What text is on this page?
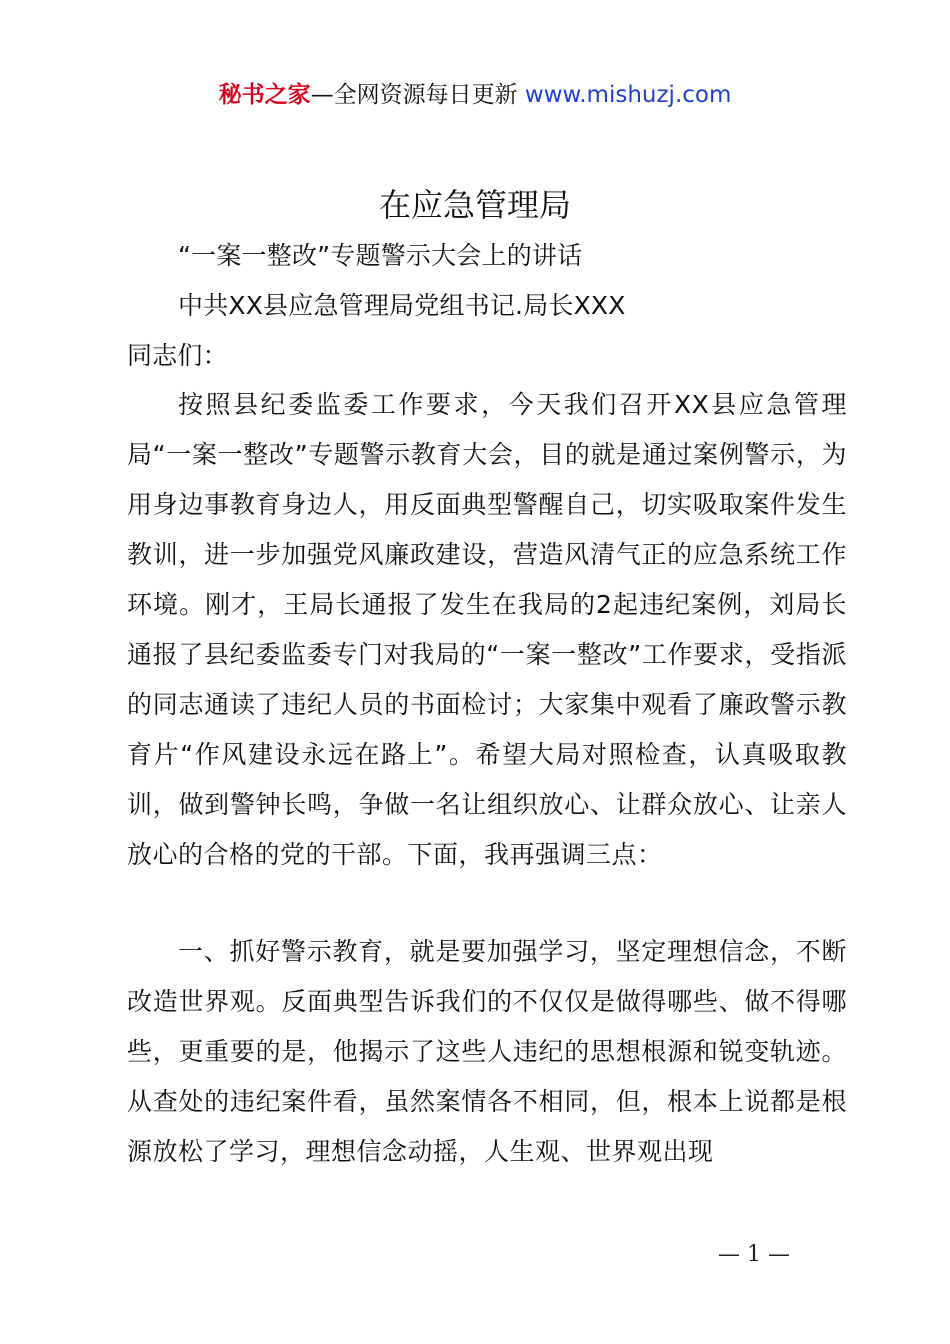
秘书之家—全网资源每日更新 www.mishuzj.com
在应急管理局
“一案一整改”专题警示大会上的讲话
中共XX县应急管理局党组书记.局长XXX
同志们：
按照县纪委监委工作要求，今天我们召开XX县应急管理局“一案一整改”专题警示教育大会，目的就是通过案例警示，为用身边事教育身边人，用反面典型警醒自己，切实吸取案件发生教训，进一步加强党风廉政建设，营造风清气正的应急系统工作环境。刚才，王局长通报了发生在我局的2起违纪案例，刘局长通报了县纪委监委专门对我局的“一案一整改”工作要求，受指派的同志通读了违纪人员的书面检讨；大家集中观看了廉政警示教育片“作风建设永远在路上”。希望大局对照检查，认真吸取教训，做到警钟长鸣，争做一名让组织放心、让群众放心、让亲人放心的合格的党的干部。下面，我再强调三点：
一、抓好警示教育，就是要加强学习，坚定理想信念，不断改造世界观。反面典型告诉我们的不仅仅是做得哪些、做不得哪些，更重要的是，他揭示了这些人违纪的思想根源和锐变轨迹。从查处的违纪案件看，虽然案情各不相同，但，根本上说都是根源放松了学习，理想信念动摇，人生观、世界观出现
— 1 —
